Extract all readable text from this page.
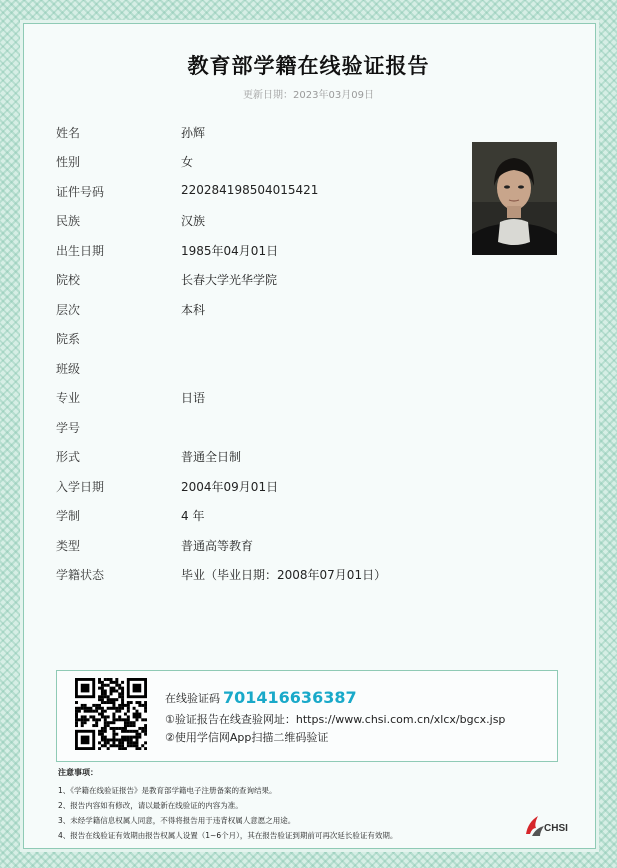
教育部学籍在线验证报告
更新日期：2023年03月09日
姓名	孙辉
性别	女
证件号码	220284198504015421
民族	汉族
出生日期	1985年04月01日
院校	长春大学光华学院
层次	本科
院系
班级
专业	日语
学号
形式	普通全日制
入学日期	2004年09月01日
学制	4 年
类型	普通高等教育
学籍状态	毕业（毕业日期：2008年07月01日）
在线验证码 701416636387
①验证报告在线查验网址：https://www.chsi.com.cn/xlcx/bgcx.jsp
②使用学信网App扫描二维码验证
注意事项：
1、《学籍在线验证报告》是教育部学籍电子注册备案的查询结果。
2、报告内容如有修改，请以最新在线验证的内容为准。
3、未经学籍信息权属人同意，不得将报告用于违背权属人意愿之用途。
4、报告在线验证有效期由报告权属人设置（1~6个月），其在报告验证到期前可再次延长验证有效期。
CHSI
